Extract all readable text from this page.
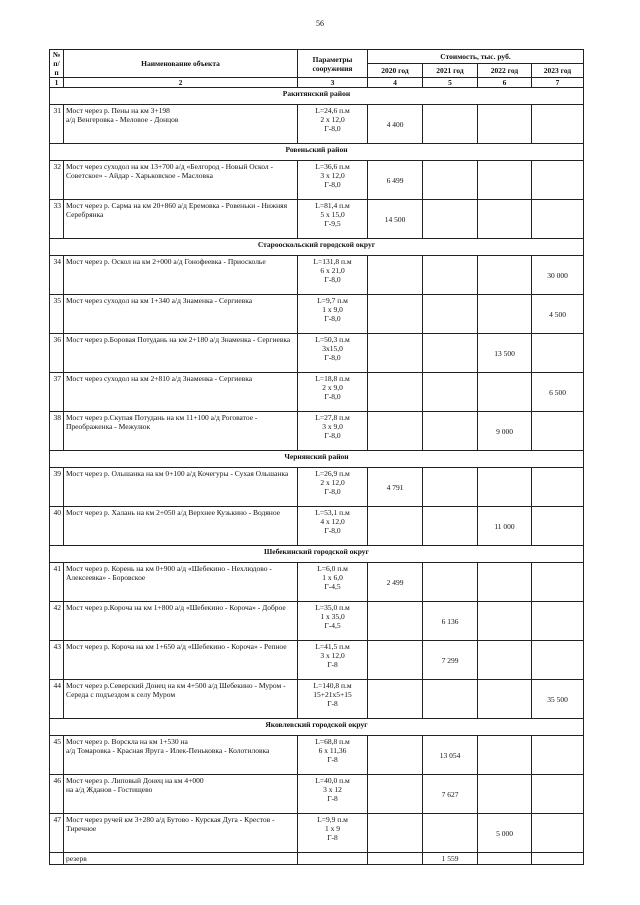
56
№
п/п	Наименование объекта	Параметры
сооружения	Стоимость, тыс. руб.			
			2020 год	2021 год	2022 год	2023 год
1	2	3	4	5	6	7
Ракитянский район						
31	Мост через р. Пены на км 3+198
а/д Венгеровка - Меловое - Донцов	L=24,6 п.м
2 х 12,0
Г-8,0	4 400			
Ровеньский район						
32	Мост через суходол на км 13+700 а/д «Белгород - Новый Оскол - Советское» - Айдар - Харьковское - Масловка	L=36,6 п.м
3 х 12,0
Г-8,0	6 499			
33	Мост через р. Сарма на км 20+860 а/д Еремовка - Ровеньки - Нижняя Серебрянка	L=81,4 п.м
5 х 15,0
Г-9,5	14 500			
Старооскольский городской округ						
34	Мост через р. Оскол на км 2+000 а/д Гонофеевка - Приосколье	L=131,8 п.м
6 х 21,0
Г-8,0				30 000
35	Мост через суходол на км 1+340 а/д Знаменка - Сергиевка	L=9,7 п.м
1 х 9,0
Г-8,0				4 500
36	Мост через р.Боровая Потудань на км 2+180 а/д Знаменка - Сергиевка	L=50,3 п.м
3х15,0
Г-8,0			13 500	
37	Мост через суходол на км 2+810 а/д Знаменка - Сергиевка	L=18,8 п.м
2 х 9,0
Г-8,0				6 500
38	Мост через р.Скупая Потудань на км 11+100 а/д Роговатое - Преображенка - Межулюк	L=27,8 п.м
3 х 9,0
Г-8,0			9 000	
Чернянский район						
39	Мост через р. Ольшанка на км 0+100 а/д Кочегуры - Сухая Ольшанка	L=26,9 п.м
2 х 12,0
Г-8,0	4 791			
40	Мост через р. Халань на км 2+050 а/д Верхнее Кузькино - Водяное	L=53,1 п.м
4 х 12,0
Г-8,0			11 000	
Шебекинский городской округ						
41	Мост через р. Корень на км 0+900 а/д «Шебекино - Нехлюдово - Алексеевка» - Боровское	L=6,0 п.м
1 х 6,0
Г-4,5	2 499			
42	Мост через р.Короча на км 1+800 а/д «Шебекино - Короча» - Доброе	L=35,0 п.м
1 х 35,0
Г-4,5		6 136		
43	Мост через р. Короча на км 1+650 а/д «Шебекино - Короча» - Репное	L=41,5 п.м
3 х 12,0
Г-8		7 299		
44	Мост через р.Северский Донец на км 4+500 а/д Шебекино - Муром - Середа с подъездом к селу Муром	L=140,8 п.м
15+21х5+15
Г-8				35 500
Яковлевский городской округ						
45	Мост через р. Ворскла на км 1+530 на
а/д Томаровка - Красная Яруга - Илек-Пеньковка - Колотиловка	L=68,8 п.м
6 х 11,36
Г-8		13 054		
46	Мост через р. Липовый Донец на км 4+000
на а/д Жданов - Гостищево	L=40,0 п.м
3 х 12
Г-8		7 627		
47	Мост через ручей км 3+280 а/д Бутово - Курская Дуга - Крестов - Тиречное	L=9,9 п.м
1 х 9
Г-8			5 000	
	резерв			1 559		
